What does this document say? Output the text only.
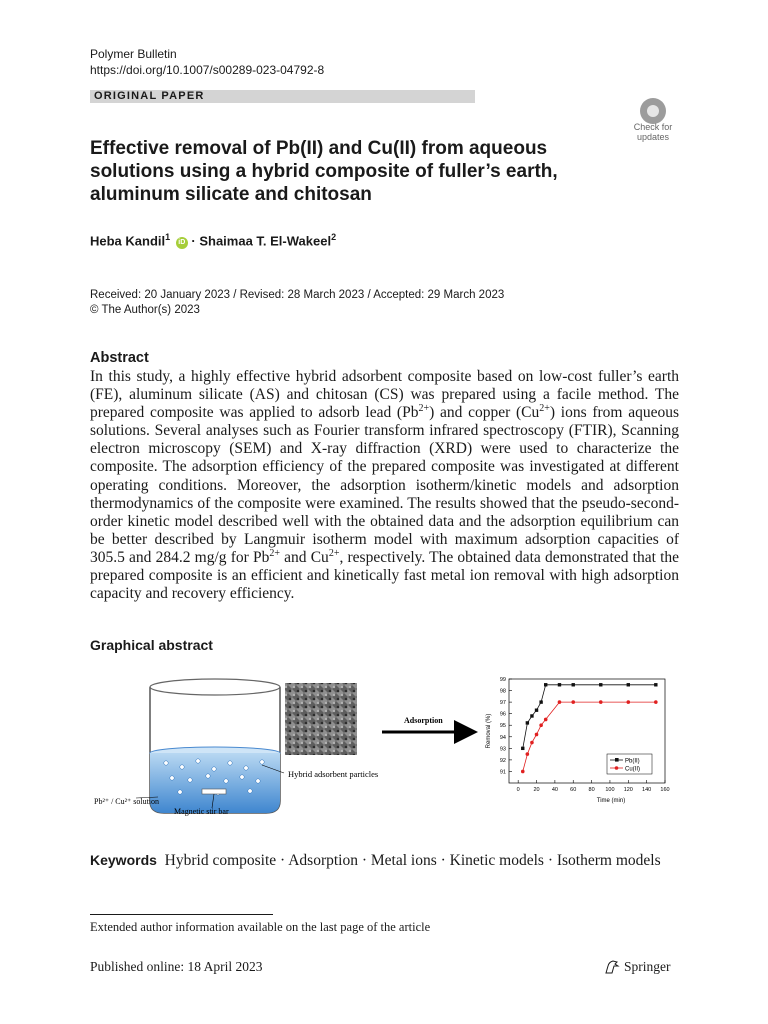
Polymer Bulletin
https://doi.org/10.1007/s00289-023-04792-8
ORIGINAL PAPER
Check for
updates
Effective removal of Pb(II) and Cu(II) from aqueous solutions using a hybrid composite of fuller’s earth, aluminum silicate and chitosan
Heba Kandil$^1$ iD · Shaimaa T. El-Wakeel$^2$
Received: 20 January 2023 / Revised: 28 March 2023 / Accepted: 29 March 2023
© The Author(s) 2023
Abstract
In this study, a highly effective hybrid adsorbent composite based on low-cost fuller’s earth (FE), aluminum silicate (AS) and chitosan (CS) was prepared using a facile method. The prepared composite was applied to adsorb lead $(Pb^{2+})$ and copper $(Cu^{2+})$ ions from aqueous solutions. Several analyses such as Fourier transform infrared spectroscopy (FTIR), Scanning electron microscopy (SEM) and X-ray diffraction (XRD) were used to characterize the composite. The adsorption efficiency of the prepared composite was investigated at different operating conditions. Moreover, the adsorption isotherm/kinetic models and adsorption thermodynamics of the composite were examined. The results showed that the pseudo-second-order kinetic model described well with the obtained data and the adsorption equilibrium can be better described by Langmuir isotherm model with maximum adsorption capacities of 305.5 and 284.2 mg/g for $Pb^{2+}$ and $Cu^{2+}$, respectively. The obtained data demonstrated that the prepared composite is an efficient and kinetically fast metal ion removal with high adsorption capacity and recovery efficiency.
Graphical abstract
Pb²⁺ / Cu²⁺ solution
Magnetic stir bar
Hybrid adsorbent particles
Adsorption
91
92
93
94
95
96
97
98
99
0	20 40 60 80 100 120 140 160
Time (min)
Removal (%)
Pb(II)
Cu(II)
Keywords Hybrid composite · Adsorption · Metal ions · Kinetic models · Isotherm models
Extended author information available on the last page of the article
Published online: 18 April 2023	Springer
